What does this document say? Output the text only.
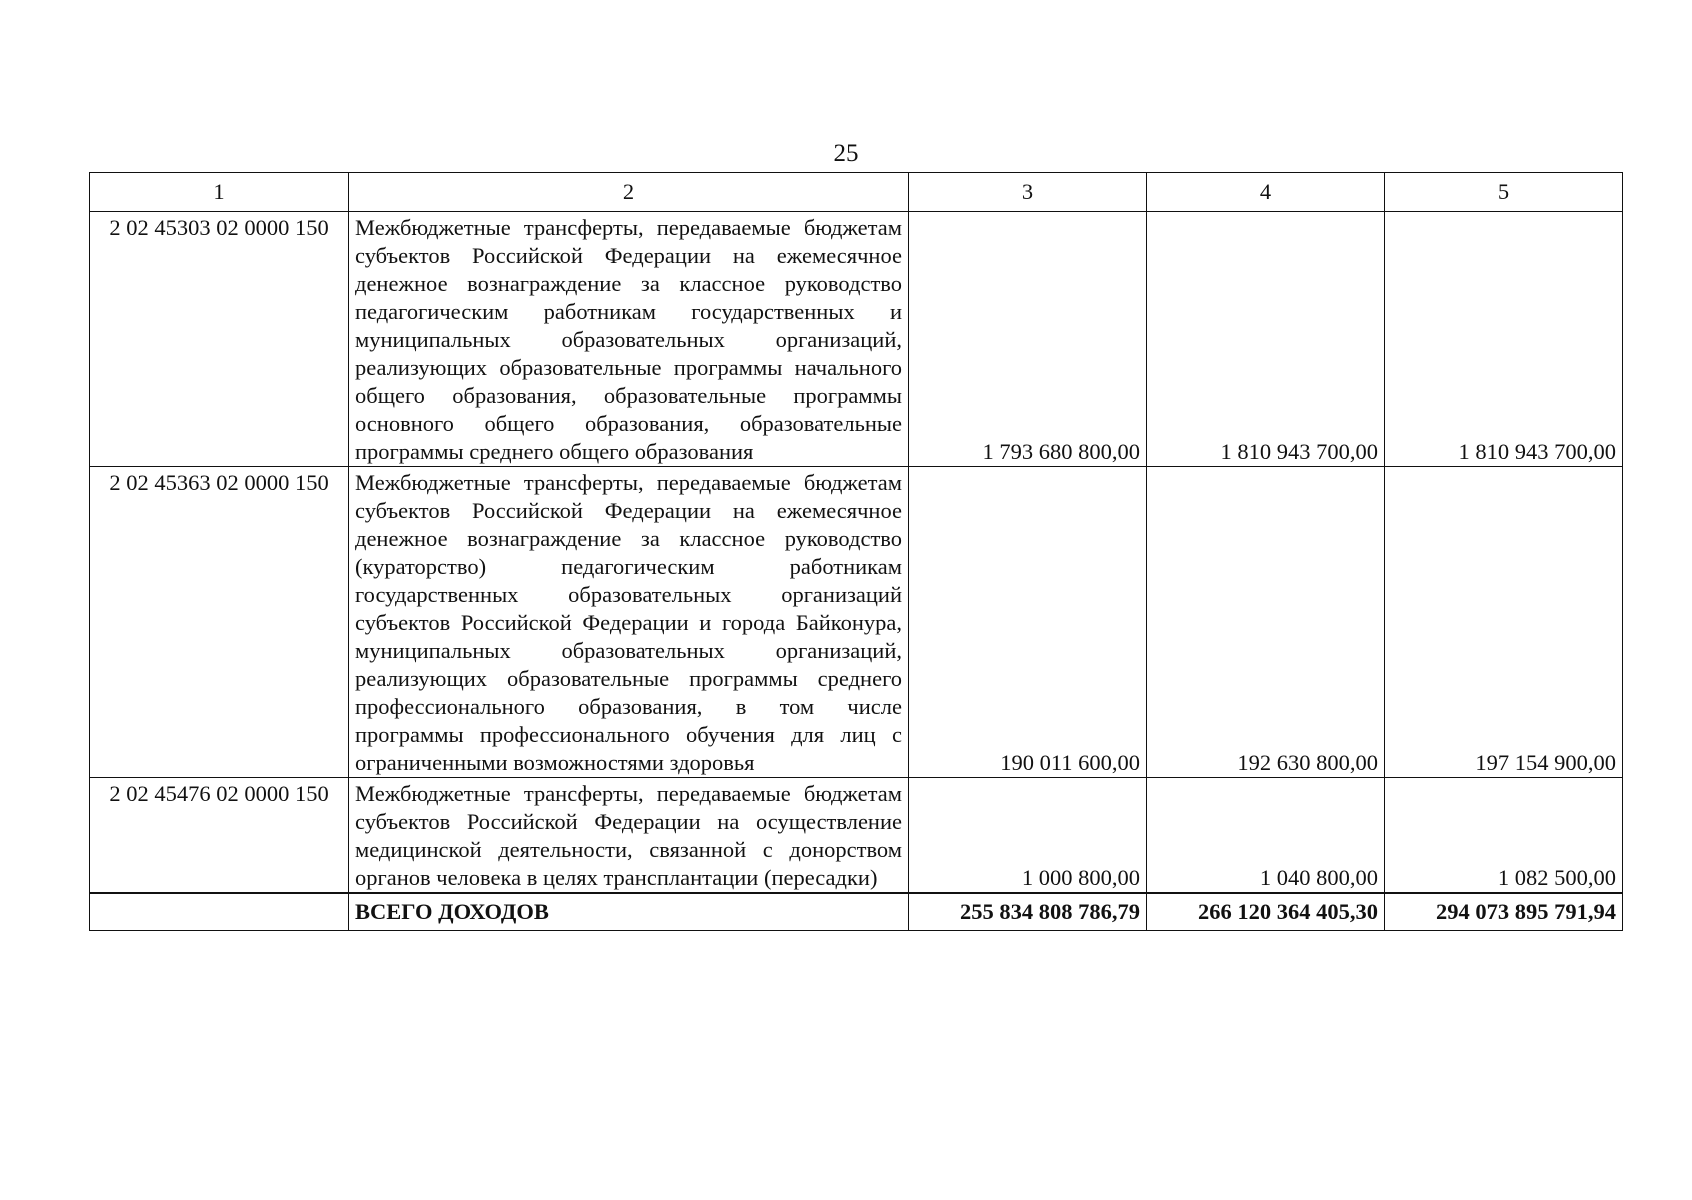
25
1	2	3	4	5
2 02 45303 02 0000 150	Межбюджетные трансферты, передаваемые бюджетам субъектов Российской Федерации на ежемесячное денежное вознаграждение за классное руководство педагогическим работникам государственных и муниципальных образовательных организаций, реализующих образовательные программы начального общего образования, образовательные программы основного общего образования, образовательные программы среднего общего образования	1 793 680 800,00	1 810 943 700,00	1 810 943 700,00
2 02 45363 02 0000 150	Межбюджетные трансферты, передаваемые бюджетам субъектов Российской Федерации на ежемесячное денежное вознаграждение за классное руководство (кураторство) педагогическим работникам государственных образовательных организаций субъектов Российской Федерации и города Байконура, муниципальных образовательных организаций, реализующих образовательные программы среднего профессионального образования, в том числе программы профессионального обучения для лиц с ограниченными возможностями здоровья	190 011 600,00	192 630 800,00	197 154 900,00
2 02 45476 02 0000 150	Межбюджетные трансферты, передаваемые бюджетам субъектов Российской Федерации на осуществление медицинской деятельности, связанной с донорством органов человека в целях трансплантации (пересадки)	1 000 800,00	1 040 800,00	1 082 500,00
	ВСЕГО ДОХОДОВ	255 834 808 786,79	266 120 364 405,30	294 073 895 791,94
